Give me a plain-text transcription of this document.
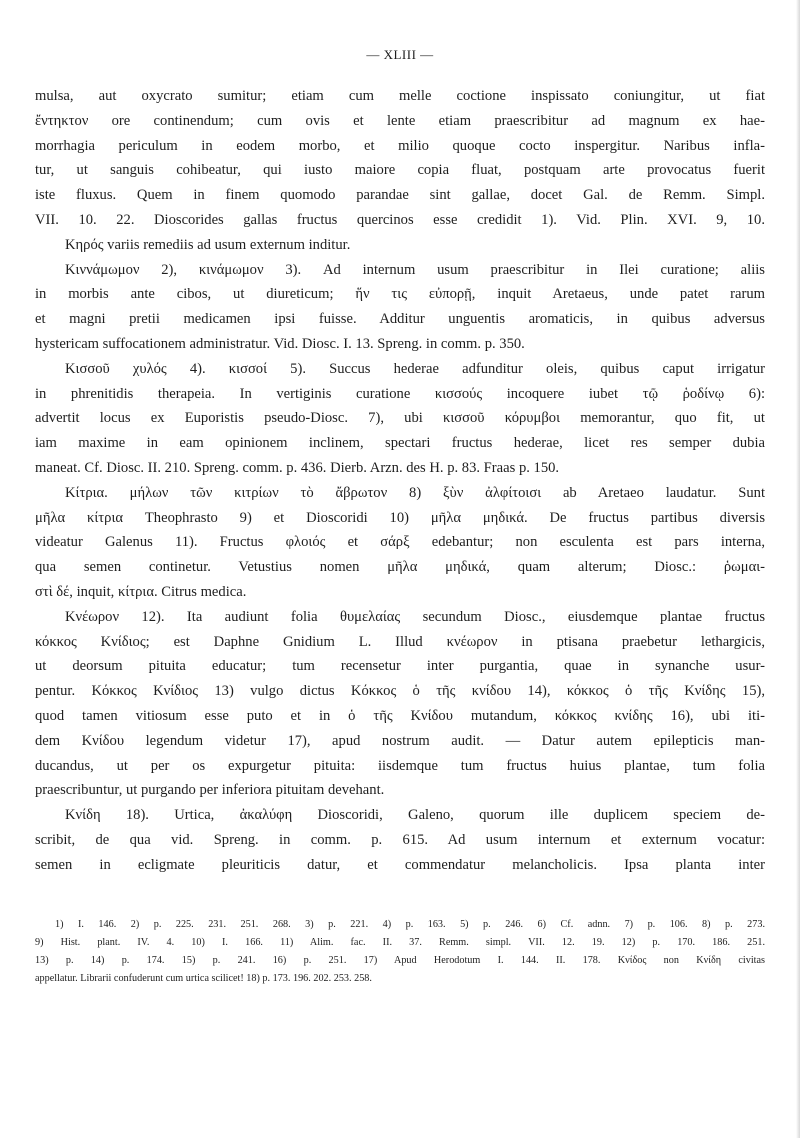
— XLIII —
mulsa, aut oxycrato sumitur; etiam cum melle coctione inspissato coniungitur, ut fiat
ἔντηκτον ore continendum; cum ovis et lente etiam praescribitur ad magnum ex hae-
morrhagia periculum in eodem morbo, et milio quoque cocto inspergitur. Naribus infla-
tur, ut sanguis cohibeatur, qui iusto maiore copia fluat, postquam arte provocatus fuerit
iste fluxus. Quem in finem quomodo parandae sint gallae, docet Gal. de Remm. Simpl.
VII. 10. 22. Dioscorides gallas fructus quercinos esse credidit 1). Vid. Plin. XVI. 9, 10.
Κηρός variis remediis ad usum externum inditur.
Κιννάμωμον 2), κινάμωμον 3). Ad internum usum praescribitur in Ilei curatione; aliis
in morbis ante cibos, ut diureticum; ἥν τις εὐπορῇ, inquit Aretaeus, unde patet rarum
et magni pretii medicamen ipsi fuisse. Additur unguentis aromaticis, in quibus adversus
hystericam suffocationem administratur. Vid. Diosc. I. 13. Spreng. in comm. p. 350.
Κισσοῦ χυλός 4). κισσοί 5). Succus hederae adfunditur oleis, quibus caput irrigatur
in phrenitidis therapeia. In vertiginis curatione κισσούς incoquere iubet τῷ ῥοδίνῳ 6):
advertit locus ex Euporistis pseudo-Diosc. 7), ubi κισσοῦ κόρυμβοι memorantur, quo fit, ut
iam maxime in eam opinionem inclinem, spectari fructus hederae, licet res semper dubia
maneat. Cf. Diosc. II. 210. Spreng. comm. p. 436. Dierb. Arzn. des H. p. 83. Fraas p. 150.
Κίτρια. μήλων τῶν κιτρίων τὸ ἄβρωτον 8) ξὺν ἀλφίτοισι ab Aretaeo laudatur. Sunt
μῆλα κίτρια Theophrasto 9) et Dioscoridi 10) μῆλα μηδικά. De fructus partibus diversis
videatur Galenus 11). Fructus φλοιός et σάρξ edebantur; non esculenta est pars interna,
qua semen continetur. Vetustius nomen μῆλα μηδικά, quam alterum; Diosc.: ῥωμαι-
στὶ δέ, inquit, κίτρια. Citrus medica.
Κνέωρον 12). Ita audiunt folia θυμελαίας secundum Diosc., eiusdemque plantae fructus
κόκκος Κνίδιος; est Daphne Gnidium L. Illud κνέωρον in ptisana praebetur lethargicis,
ut deorsum pituita educatur; tum recensetur inter purgantia, quae in synanche usur-
pentur. Κόκκος Κνίδιος 13) vulgo dictus Κόκκος ὁ τῆς κνίδου 14), κόκκος ὁ τῆς Κνίδης 15),
quod tamen vitiosum esse puto et in ὁ τῆς Κνίδου mutandum, κόκκος κνίδης 16), ubi iti-
dem Κνίδου legendum videtur 17), apud nostrum audit. — Datur autem epilepticis man-
ducandus, ut per os expurgetur pituita: iisdemque tum fructus huius plantae, tum folia
praescribuntur, ut purgando per inferiora pituitam devehant.
Κνίδη 18). Urtica, ἀκαλύφη Dioscoridi, Galeno, quorum ille duplicem speciem de-
scribit, de qua vid. Spreng. in comm. p. 615. Ad usum internum et externum vocatur:
semen in ecligmate pleuriticis datur, et commendatur melancholicis. Ipsa planta inter
1) I. 146. 2) p. 225. 231. 251. 268. 3) p. 221. 4) p. 163. 5) p. 246. 6) Cf. adnn. 7) p. 106. 8) p. 273.
9) Hist. plant. IV. 4. 10) I. 166. 11) Alim. fac. II. 37. Remm. simpl. VII. 12. 19. 12) p. 170. 186. 251.
13) p. 14) p. 174. 15) p. 241. 16) p. 251. 17) Apud Herodotum I. 144. II. 178. Κνίδος non Κνίδη civitas
appellatur. Librarii confuderunt cum urtica scilicet! 18) p. 173. 196. 202. 253. 258.
